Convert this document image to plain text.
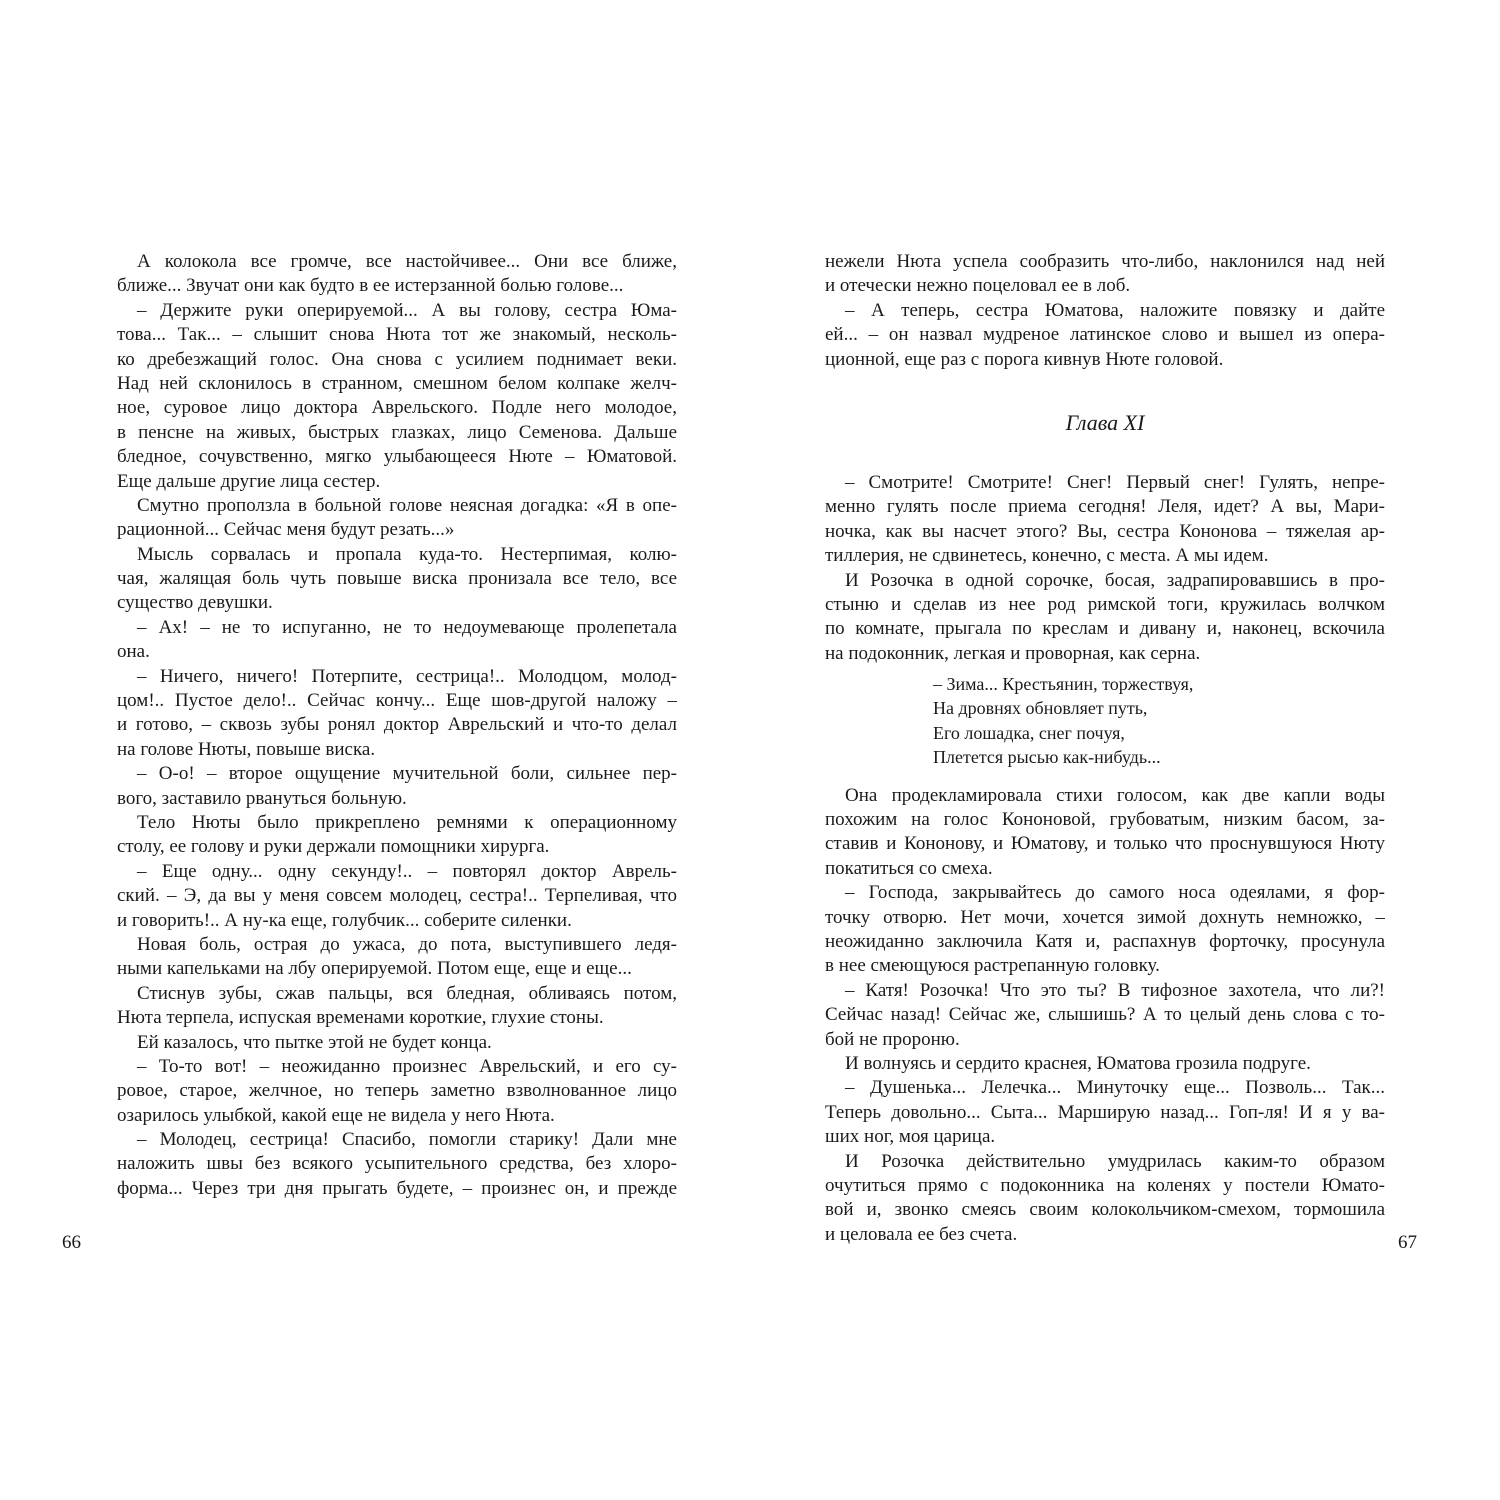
А колокола все громче, все настойчивее... Они все ближе,
ближе... Звучат они как будто в ее истерзанной болью голове...
– Держите руки оперируемой... А вы голову, сестра Юма-
това... Так... – слышит снова Нюта тот же знакомый, несколь-
ко дребезжащий голос. Она снова с усилием поднимает веки.
Над ней склонилось в странном, смешном белом колпаке желч-
ное, суровое лицо доктора Аврельского. Подле него молодое,
в пенсне на живых, быстрых глазках, лицо Семенова. Дальше
бледное, сочувственно, мягко улыбающееся Нюте – Юматовой.
Еще дальше другие лица сестер.
Смутно проползла в больной голове неясная догадка: «Я в опе-
рационной... Сейчас меня будут резать...»
Мысль сорвалась и пропала куда-то. Нестерпимая, колю-
чая, жалящая боль чуть повыше виска пронизала все тело, все
существо девушки.
– Ах! – не то испуганно, не то недоумевающе пролепетала
она.
– Ничего, ничего! Потерпите, сестрица!.. Молодцом, молод-
цом!.. Пустое дело!.. Сейчас кончу... Еще шов-другой наложу –
и готово, – сквозь зубы ронял доктор Аврельский и что-то делал
на голове Нюты, повыше виска.
– О-о! – второе ощущение мучительной боли, сильнее пер-
вого, заставило рвануться больную.
Тело Нюты было прикреплено ремнями к операционному
столу, ее голову и руки держали помощники хирурга.
– Еще одну... одну секунду!.. – повторял доктор Аврель-
ский. – Э, да вы у меня совсем молодец, сестра!.. Терпеливая, что
и говорить!.. А ну-ка еще, голубчик... соберите силенки.
Новая боль, острая до ужаса, до пота, выступившего ледя-
ными капельками на лбу оперируемой. Потом еще, еще и еще...
Стиснув зубы, сжав пальцы, вся бледная, обливаясь потом,
Нюта терпела, испуская временами короткие, глухие стоны.
Ей казалось, что пытке этой не будет конца.
– То-то вот! – неожиданно произнес Аврельский, и его су-
ровое, старое, желчное, но теперь заметно взволнованное лицо
озарилось улыбкой, какой еще не видела у него Нюта.
– Молодец, сестрица! Спасибо, помогли старику! Дали мне
наложить швы без всякого усыпительного средства, без хлоро-
форма... Через три дня прыгать будете, – произнес он, и прежде
66
нежели Нюта успела сообразить что-либо, наклонился над ней
и отечески нежно поцеловал ее в лоб.
– А теперь, сестра Юматова, наложите повязку и дайте
ей... – он назвал мудреное латинское слово и вышел из опера-
ционной, еще раз с порога кивнув Нюте головой.
Глава XI
– Смотрите! Смотрите! Снег! Первый снег! Гулять, непре-
менно гулять после приема сегодня! Леля, идет? А вы, Мари-
ночка, как вы насчет этого? Вы, сестра Кононова – тяжелая ар-
тиллерия, не сдвинетесь, конечно, с места. А мы идем.
И Розочка в одной сорочке, босая, задрапировавшись в про-
стыню и сделав из нее род римской тоги, кружилась волчком
по комнате, прыгала по креслам и дивану и, наконец, вскочила
на подоконник, легкая и проворная, как серна.
– Зима... Крестьянин, торжествуя,
На дровнях обновляет путь,
Его лошадка, снег почуя,
Плетется рысью как-нибудь...
Она продекламировала стихи голосом, как две капли воды
похожим на голос Кононовой, грубоватым, низким басом, за-
ставив и Кононову, и Юматову, и только что проснувшуюся Нюту
покатиться со смеха.
– Господа, закрывайтесь до самого носа одеялами, я фор-
точку отворю. Нет мочи, хочется зимой дохнуть немножко, –
неожиданно заключила Катя и, распахнув форточку, просунула
в нее смеющуюся растрепанную головку.
– Катя! Розочка! Что это ты? В тифозное захотела, что ли?!
Сейчас назад! Сейчас же, слышишь? А то целый день слова с то-
бой не пророню.
И волнуясь и сердито краснея, Юматова грозила подруге.
– Душенька... Лелечка... Минуточку еще... Позволь... Так...
Теперь довольно... Сыта... Марширую назад... Гоп-ля! И я у ва-
ших ног, моя царица.
И Розочка действительно умудрилась каким-то образом
очутиться прямо с подоконника на коленях у постели Юмато-
вой и, звонко смеясь своим колокольчиком-смехом, тормошила
и целовала ее без счета.	67
